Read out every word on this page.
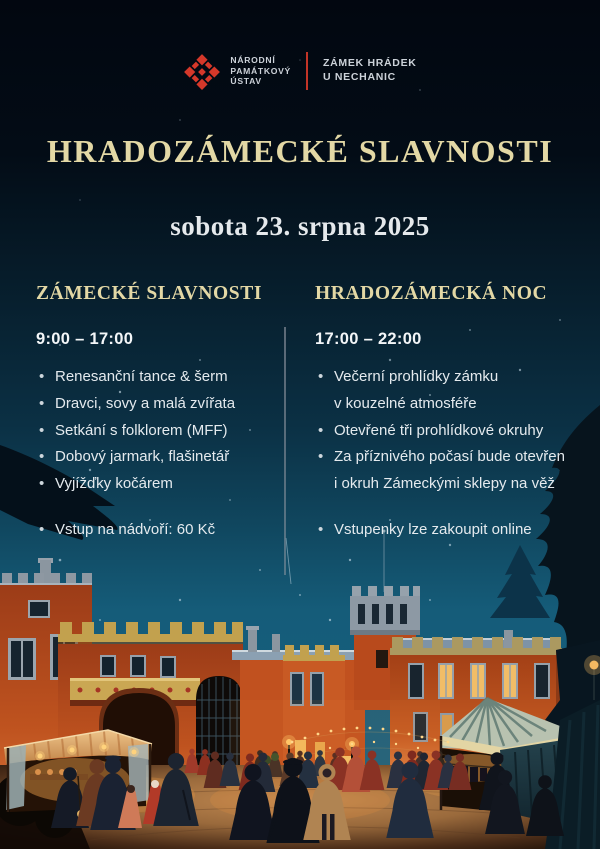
NÁRODNÍ
PAMÁTKOVÝ
ÚSTAV
ZÁMEK HRÁDEK
U NECHANIC
HRADOZÁMECKÉ SLAVNOSTI
sobota 23. srpna 2025
ZÁMECKÉ SLAVNOSTI
9:00 – 17:00
• Renesanční tance & šerm
• Dravci, sovy a malá zvířata
• Setkání s folklorem (MFF)
• Dobový jarmark, flašinetář
• Vyjížďky kočárem
• Vstup na nádvoří: 60 Kč
HRADOZÁMECKÁ NOC
17:00 – 22:00
• Večerní prohlídky zámku
v kouzelné atmosféře
• Otevřené tři prohlídkové okruhy
• Za příznivého počasí bude otevřen
i okruh Zámeckými sklepy na věž
• Vstupenky lze zakoupit online
